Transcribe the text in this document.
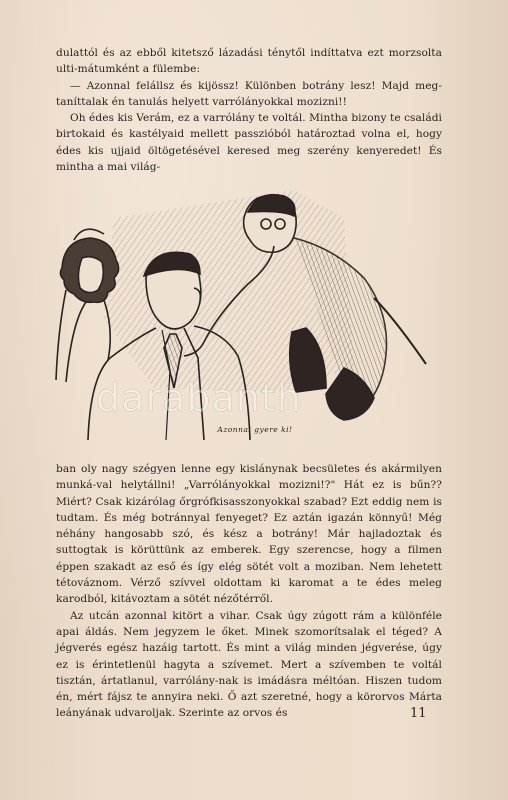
dulattól és az ebből kitetsző lázadási ténytől indíttatva ezt morzsolta ulti-mátumként a fülembe:

— Azonnal felállsz és kijössz! Különben botrány lesz! Majd meg-taníttalak én tanulás helyett varrólányokkal mozizni!!

Oh édes kis Verám, ez a varrólány te voltál. Mintha bizony te családi birtokaid és kastélyaid mellett passzióból határoztad volna el, hogy édes kis ujjaid öltögetésével keresed meg szerény kenyeredet! És mintha a mai világ-

darabanth
Azonnal gyere ki!

ban oly nagy szégyen lenne egy kislánynak becsületes és akármilyen munká-val helytállni! „Varrólányokkal mozizni!?" Hát ez is bűn?? Miért? Csak kizárólag őrgrófkisasszonyokkal szabad? Ezt eddig nem is tudtam. És még botránnyal fenyeget? Ez aztán igazán könnyű! Még néhány hangosabb szó, és kész a botrány! Már hajladoztak és suttogtak is körüttünk az emberek. Egy szerencse, hogy a filmen éppen szakadt az eső és így elég sötét volt a moziban. Nem lehetett tétováznom. Vérző szívvel oldottam ki karomat a te édes meleg karodból, kitávoztam a sötét nézőtérről.

Az utcán azonnal kitört a vihar. Csak úgy zúgott rám a különféle apai áldás. Nem jegyzem le őket. Minek szomorítsalak el téged? A jégverés egész hazáig tartott. És mint a világ minden jégverése, úgy ez is érintetlenül hagyta a szívemet. Mert a szívemben te voltál tisztán, ártatlanul, varrólány-nak is imádásra méltóan. Hiszen tudom én, mért fájsz te annyira neki. Ő azt szeretné, hogy a körorvos Márta leányának udvaroljak. Szerinte az orvos és	11
